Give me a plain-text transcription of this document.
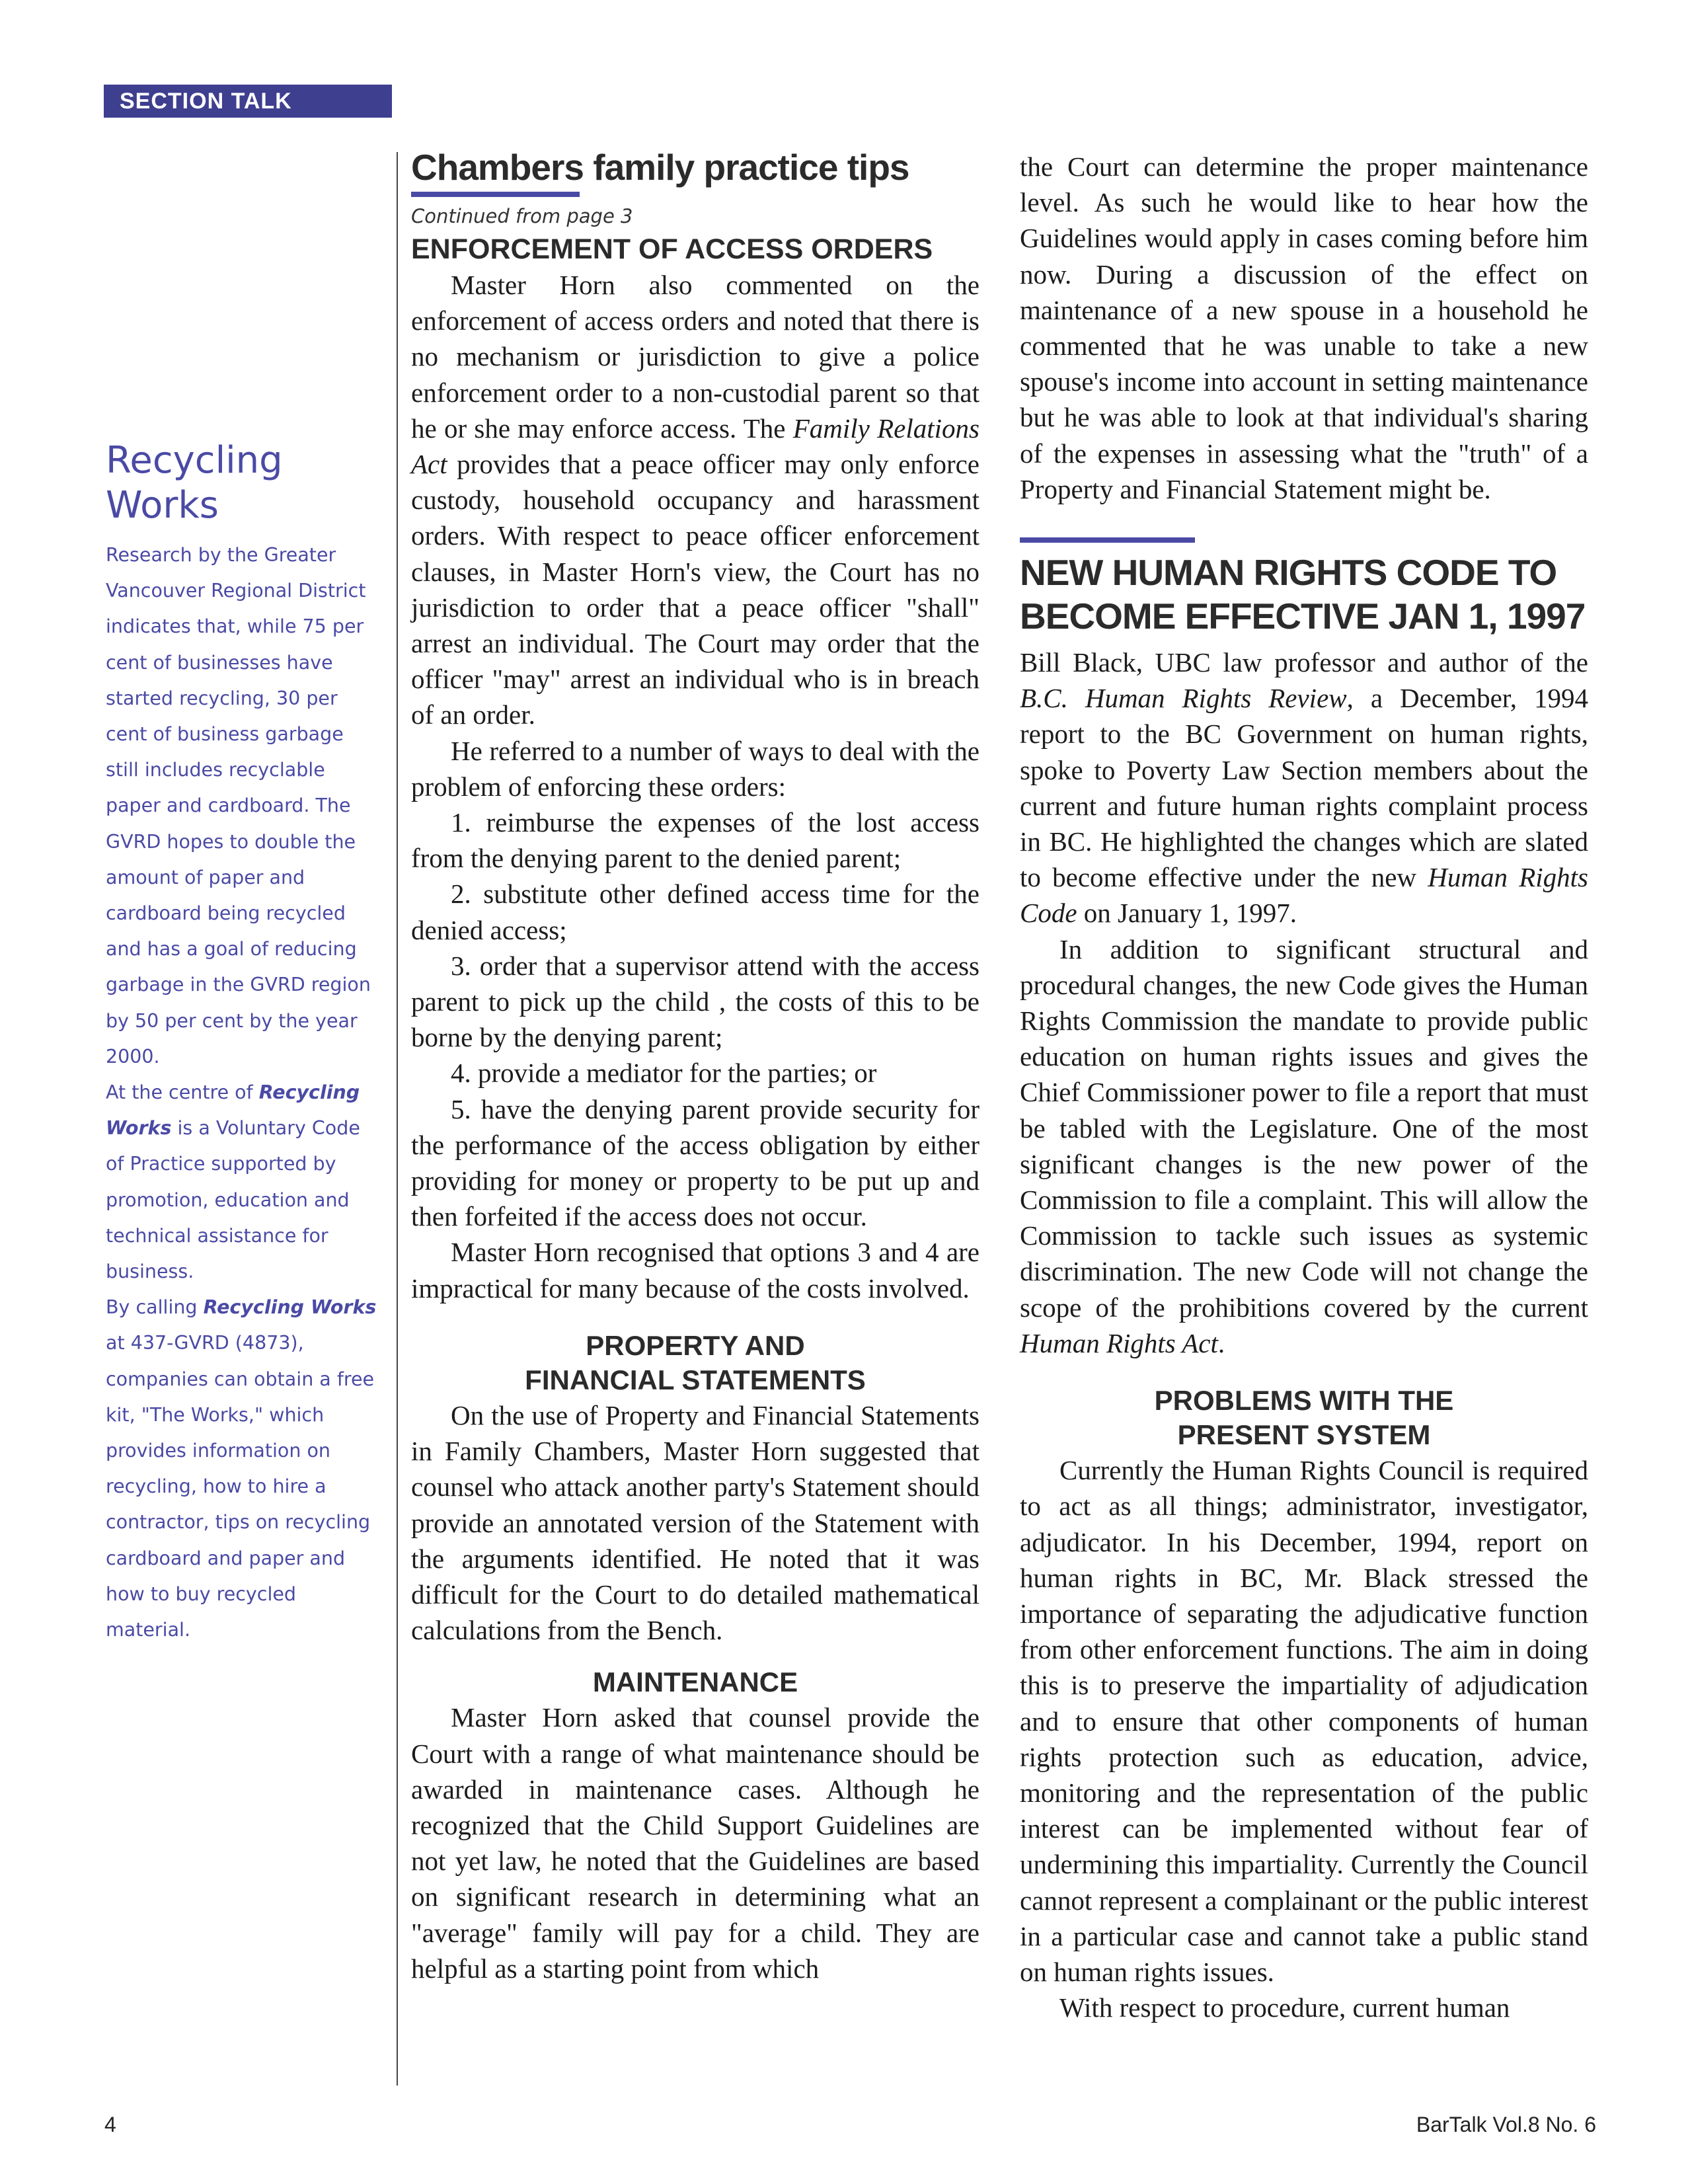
SECTION TALK
Recycling Works

Research by the Greater Vancouver Regional District indicates that, while 75 per cent of businesses have started recycling, 30 per cent of business garbage still includes recyclable paper and cardboard. The GVRD hopes to double the amount of paper and cardboard being recycled and has a goal of reducing garbage in the GVRD region by 50 per cent by the year 2000.

At the centre of Recycling Works is a Voluntary Code of Practice supported by promotion, education and technical assistance for business.

By calling Recycling Works at 437-GVRD (4873), companies can obtain a free kit, "The Works," which provides information on recycling, how to hire a contractor, tips on recycling cardboard and paper and how to buy recycled material.

Chambers family practice tips

Continued from page 3

ENFORCEMENT OF ACCESS ORDERS

Master Horn also commented on the enforcement of access orders and noted that there is no mechanism or jurisdiction to give a police enforcement order to a non-custodial parent so that he or she may enforce access. The Family Relations Act provides that a peace officer may only enforce custody, household occupancy and harassment orders. With respect to peace officer enforcement clauses, in Master Horn's view, the Court has no jurisdiction to order that a peace officer "shall" arrest an individual. The Court may order that the officer "may" arrest an individual who is in breach of an order.

He referred to a number of ways to deal with the problem of enforcing these orders:

1. reimburse the expenses of the lost access from the denying parent to the denied parent;

2. substitute other defined access time for the denied access;

3. order that a supervisor attend with the access parent to pick up the child , the costs of this to be borne by the denying parent;

4. provide a mediator for the parties; or

5. have the denying parent provide security for the performance of the access obligation by either providing for money or property to be put up and then forfeited if the access does not occur.

Master Horn recognised that options 3 and 4 are impractical for many because of the costs involved.

PROPERTY AND
FINANCIAL STATEMENTS

On the use of Property and Financial Statements in Family Chambers, Master Horn suggested that counsel who attack another party's Statement should provide an annotated version of the Statement with the arguments identified. He noted that it was difficult for the Court to do detailed mathematical calculations from the Bench.

MAINTENANCE

Master Horn asked that counsel provide the Court with a range of what maintenance should be awarded in maintenance cases. Although he recognized that the Child Support Guidelines are not yet law, he noted that the Guidelines are based on significant research in determining what an "average" family will pay for a child. They are helpful as a starting point from which

the Court can determine the proper maintenance level. As such he would like to hear how the Guidelines would apply in cases coming before him now. During a discussion of the effect on maintenance of a new spouse in a household he commented that he was unable to take a new spouse's income into account in setting maintenance but he was able to look at that individual's sharing of the expenses in assessing what the "truth" of a Property and Financial Statement might be.

NEW HUMAN RIGHTS CODE TO
BECOME EFFECTIVE JAN 1, 1997

Bill Black, UBC law professor and author of the B.C. Human Rights Review, a December, 1994 report to the BC Government on human rights, spoke to Poverty Law Section members about the current and future human rights complaint process in BC. He highlighted the changes which are slated to become effective under the new Human Rights Code on January 1, 1997.

In addition to significant structural and procedural changes, the new Code gives the Human Rights Commission the mandate to provide public education on human rights issues and gives the Chief Commissioner power to file a report that must be tabled with the Legislature. One of the most significant changes is the new power of the Commission to file a complaint. This will allow the Commission to tackle such issues as systemic discrimination. The new Code will not change the scope of the prohibitions covered by the current Human Rights Act.

PROBLEMS WITH THE
PRESENT SYSTEM

Currently the Human Rights Council is required to act as all things; administrator, investigator, adjudicator. In his December, 1994, report on human rights in BC, Mr. Black stressed the importance of separating the adjudicative function from other enforcement functions. The aim in doing this is to preserve the impartiality of adjudication and to ensure that other components of human rights protection such as education, advice, monitoring and the representation of the public interest can be implemented without fear of undermining this impartiality. Currently the Council cannot represent a complainant or the public interest in a particular case and cannot take a public stand on human rights issues.

With respect to procedure, current human

4	BarTalk Vol.8 No. 6
